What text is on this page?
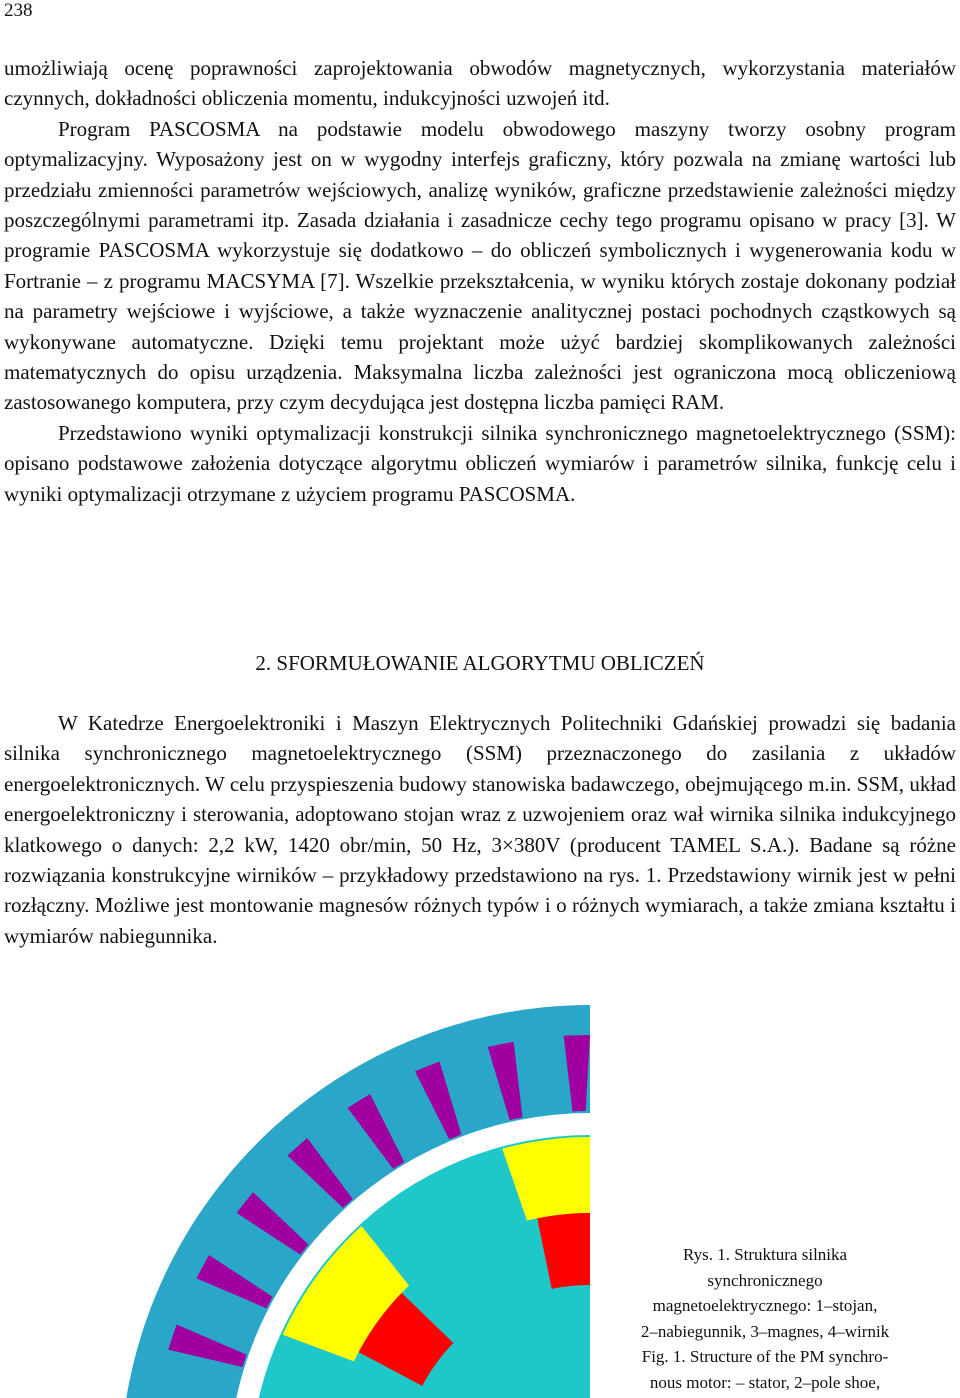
238

umożliwiają ocenę poprawności zaprojektowania obwodów magnetycznych, wykorzystania materiałów czynnych, dokładności obliczenia momentu, indukcyjności uzwojeń itd.

Program PASCOSMA na podstawie modelu obwodowego maszyny tworzy osobny program optymalizacyjny. Wyposażony jest on w wygodny interfejs graficzny, który pozwala na zmianę wartości lub przedziału zmienności parametrów wejściowych, analizę wyników, graficzne przedstawienie zależności między poszczególnymi parametrami itp. Zasada działania i zasadnicze cechy tego programu opisano w pracy [3]. W programie PASCOSMA wykorzystuje się dodatkowo – do obliczeń symbolicznych i wygenerowania kodu w Fortranie – z programu MACSYMA [7]. Wszelkie przekształcenia, w wyniku których zostaje dokonany podział na parametry wejściowe i wyjściowe, a także wyznaczenie analitycznej postaci pochodnych cząstkowych są wykonywane automatyczne. Dzięki temu projektant może użyć bardziej skomplikowanych zależności matematycznych do opisu urządzenia. Maksymalna liczba zależności jest ograniczona mocą obliczeniową zastosowanego komputera, przy czym decydująca jest dostępna liczba pamięci RAM.

Przedstawiono wyniki optymalizacji konstrukcji silnika synchronicznego magnetoelektrycznego (SSM): opisano podstawowe założenia dotyczące algorytmu obliczeń wymiarów i parametrów silnika, funkcję celu i wyniki optymalizacji otrzymane z użyciem programu PASCOSMA.

2. SFORMUŁOWANIE ALGORYTMU OBLICZEŃ

W Katedrze Energoelektroniki i Maszyn Elektrycznych Politechniki Gdańskiej prowadzi się badania silnika synchronicznego magnetoelektrycznego (SSM) przeznaczonego do zasilania z układów energoelektronicznych. W celu przyspieszenia budowy stanowiska badawczego, obejmującego m.in. SSM, układ energoelektroniczny i sterowania, adoptowano stojan wraz z uzwojeniem oraz wał wirnika silnika indukcyjnego klatkowego o danych: 2,2 kW, 1420 obr/min, 50 Hz, 3×380V (producent TAMEL S.A.). Badane są różne rozwiązania konstrukcyjne wirników – przykładowy przedstawiono na rys. 1. Przedstawiony wirnik jest w pełni rozłączny. Możliwe jest montowanie magnesów różnych typów i o różnych wymiarach, a także zmiana kształtu i wymiarów nabiegunnika.

Rys. 1. Struktura silnika
synchronicznego
magnetoelektrycznego: 1–stojan,
2–nabiegunnik, 3–magnes, 4–wirnik
Fig. 1. Structure of the PM synchro-
nous motor: – stator, 2–pole shoe,
